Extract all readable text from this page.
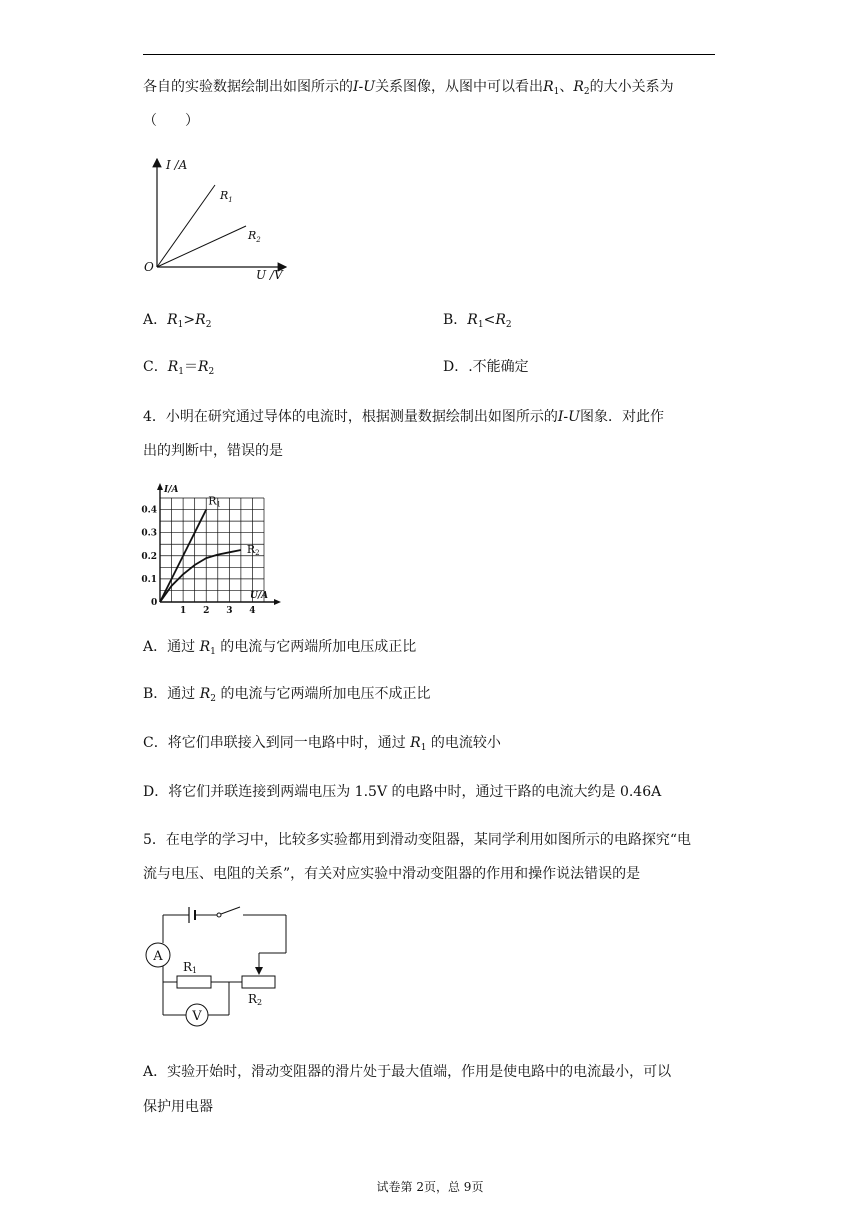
各自的实验数据绘制出如图所示的I-U关系图像，从图中可以看出$R_1$、$R_2$的大小关系为
（　　）
I /A
U /V
O
$R_1$
$R_2$
A．$R_1>R_2$	B．$R_1<R_2$
C．$R_1=R_2$	D．.不能确定
4．小明在研究通过导体的电流时，根据测量数据绘制出如图所示的I-U图象．对此作
出的判断中，错误的是
I/A
U/A
0
0.4
0.3
0.2
0.1
1 2 3 4
R1
R2
A．通过 $R_1$ 的电流与它两端所加电压成正比
B．通过 $R_2$ 的电流与它两端所加电压不成正比
C．将它们串联接入到同一电路中时，通过 $R_1$ 的电流较小
D．将它们并联连接到两端电压为 1.5V 的电路中时，通过干路的电流大约是 0.46A
5．在电学的学习中，比较多实验都用到滑动变阻器，某同学利用如图所示的电路探究“电
流与电压、电阻的关系”，有关对应实验中滑动变阻器的作用和操作说法错误的是
A
R1
R2
V
A．实验开始时，滑动变阻器的滑片处于最大值端，作用是使电路中的电流最小，可以
保护用电器
试卷第 2页，总 9页
